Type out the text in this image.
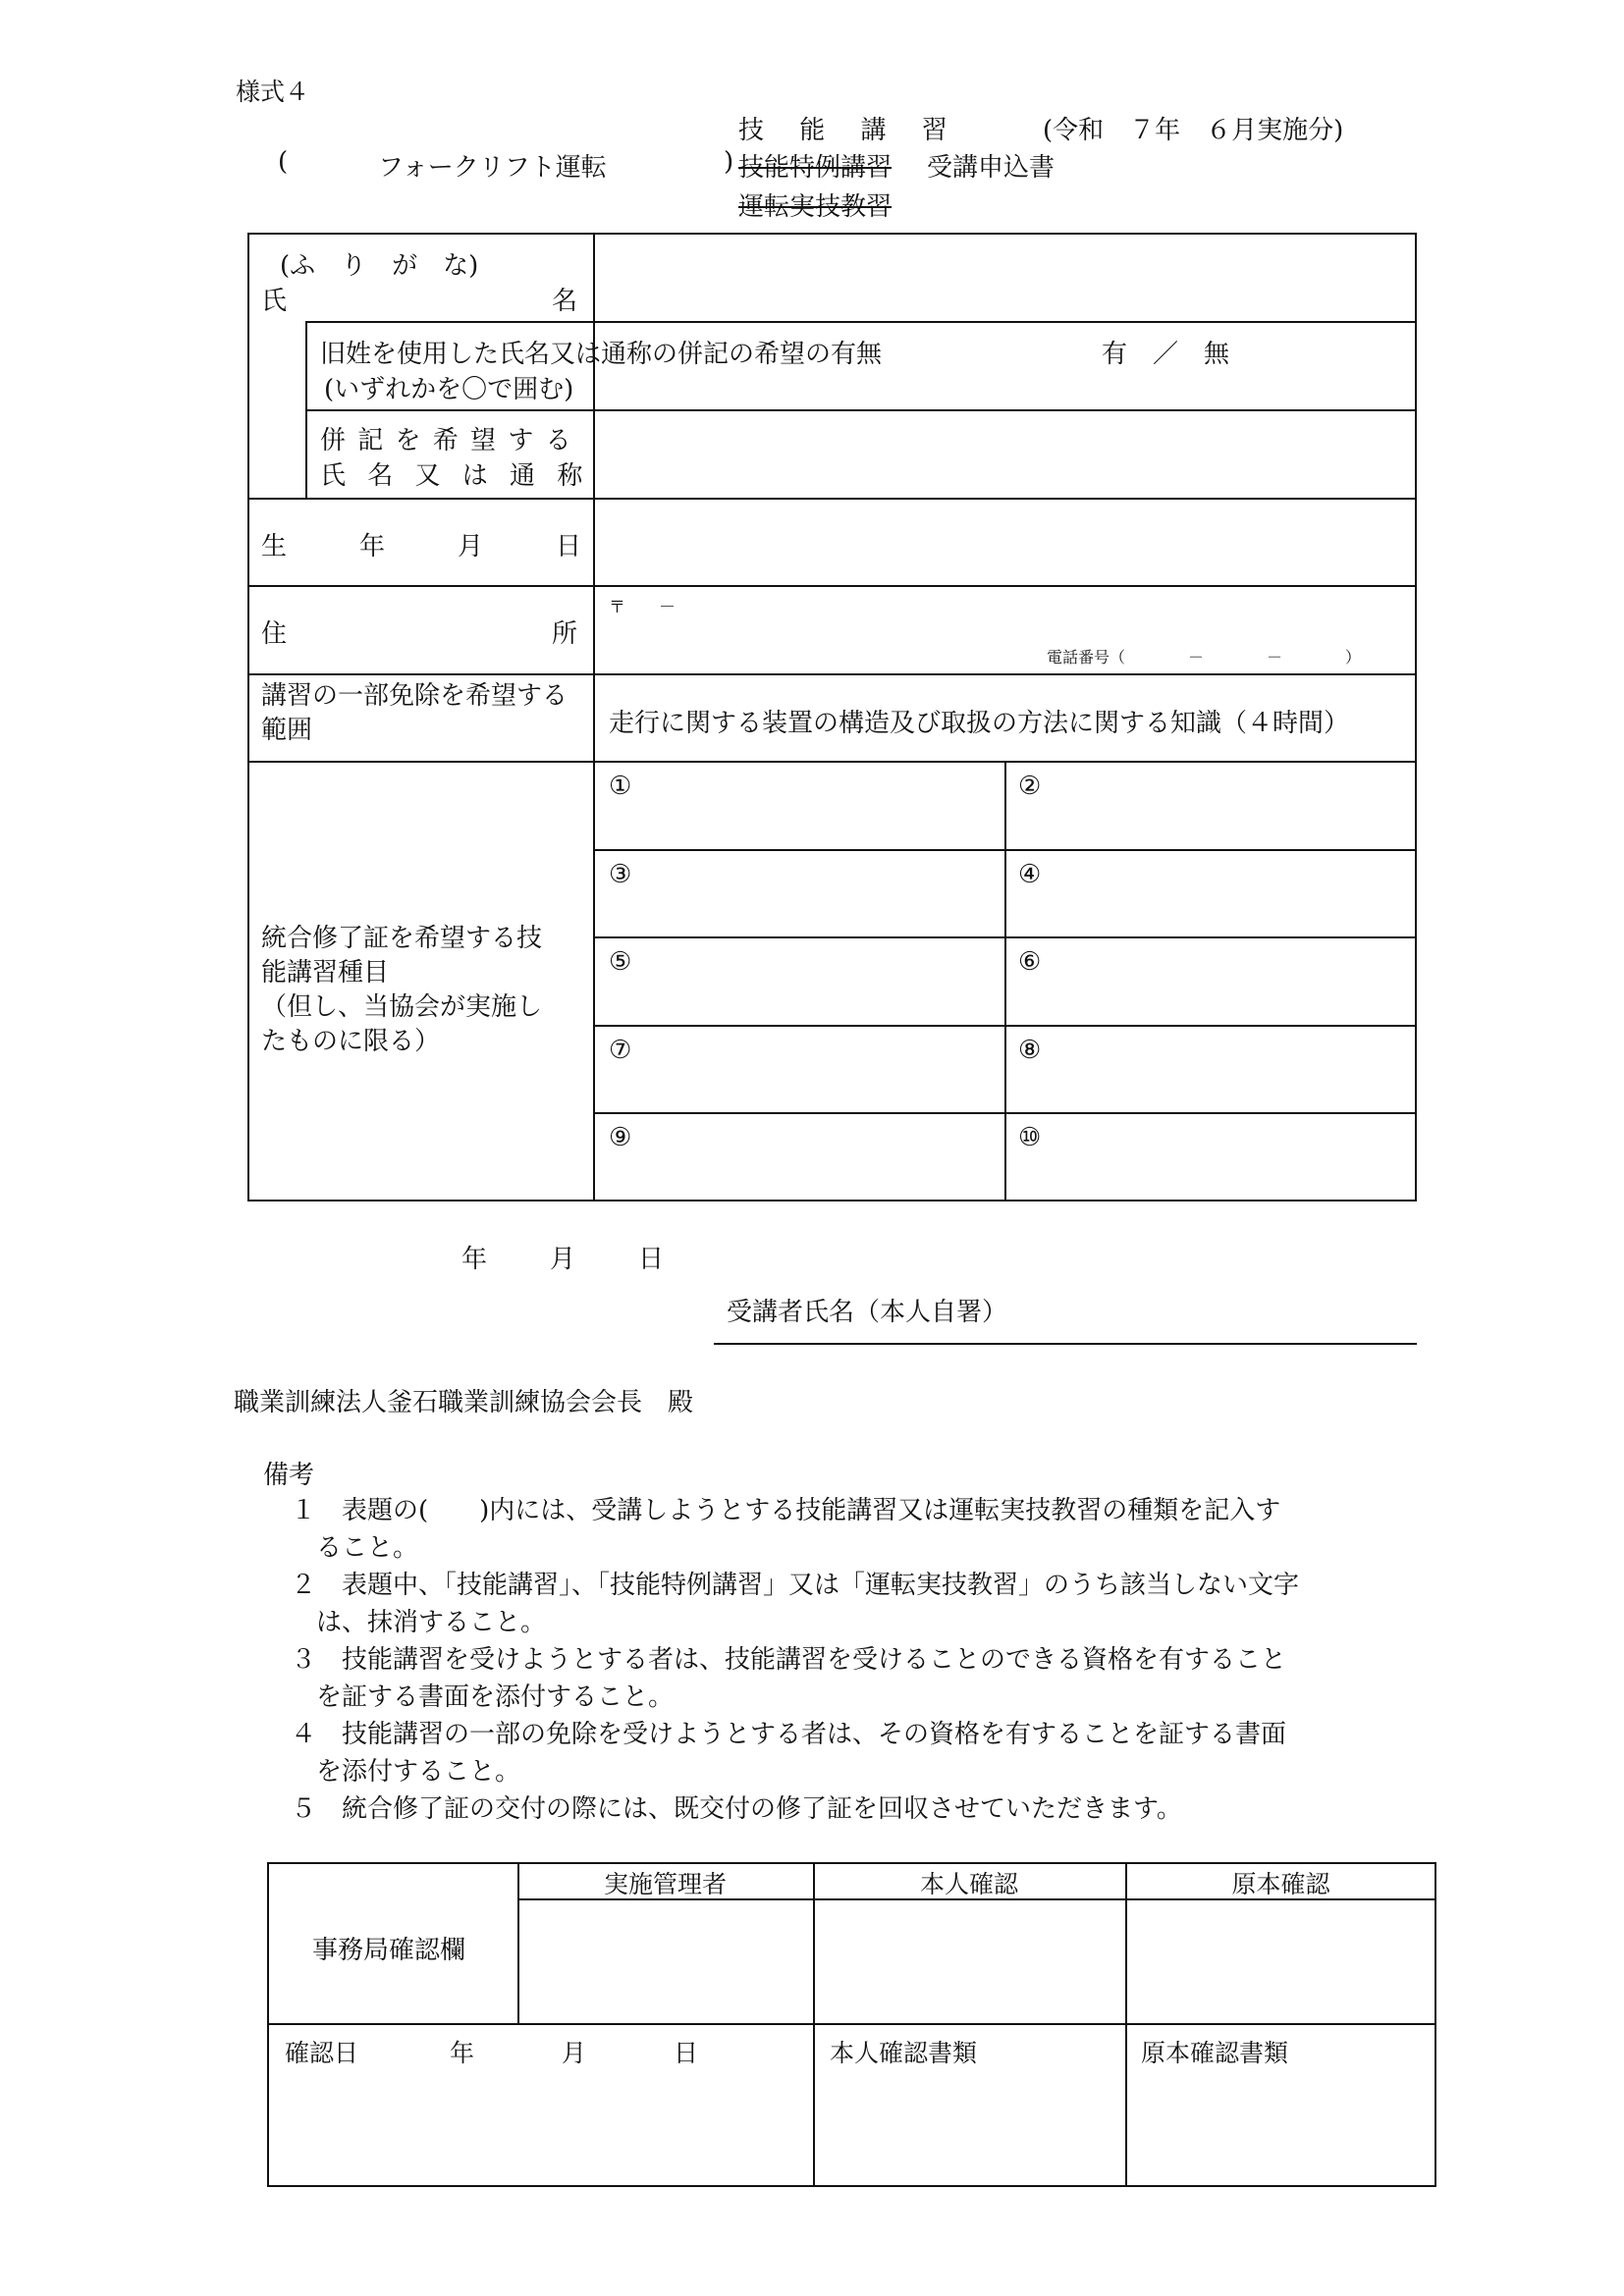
様式４
技 能 講 習	(令和　７年　６月実施分)
(	フォークリフト運転	) 技能特例講習 受講申込書
運転実技教習
(ふ　り　が　な)
氏	名
旧姓を使用した氏名又は通称の併記の希望の有無	有　／　無
(いずれかを〇で囲む)
併 記 を 希 望 す る
氏 名 又 は 通 称
生	年	月	日
住	所
〒　　－
電話番号（　　　　－　　　　－　　　　）
講習の一部免除を希望する範囲	走行に関する装置の構造及び取扱の方法に関する知識（４時間）
統合修了証を希望する技
能講習種目
（但し、当協会が実施し
たものに限る）
①	②
③	④
⑤	⑥
⑦	⑧
⑨	⑩
年　　月　　日
受講者氏名（本人自署）
職業訓練法人釜石職業訓練協会会長　殿
備考
１　表題の(　　)内には、受講しようとする技能講習又は運転実技教習の種類を記入す
　ること。
２　表題中、「技能講習」、「技能特例講習」又は「運転実技教習」のうち該当しない文字
　は、抹消すること。
３　技能講習を受けようとする者は、技能講習を受けることのできる資格を有すること
　を証する書面を添付すること。
４　技能講習の一部の免除を受けようとする者は、その資格を有することを証する書面
　を添付すること。
５　統合修了証の交付の際には、既交付の修了証を回収させていただきます。
事務局確認欄
実施管理者	本人確認	原本確認
確認日	年	月	日	本人確認書類	原本確認書類
